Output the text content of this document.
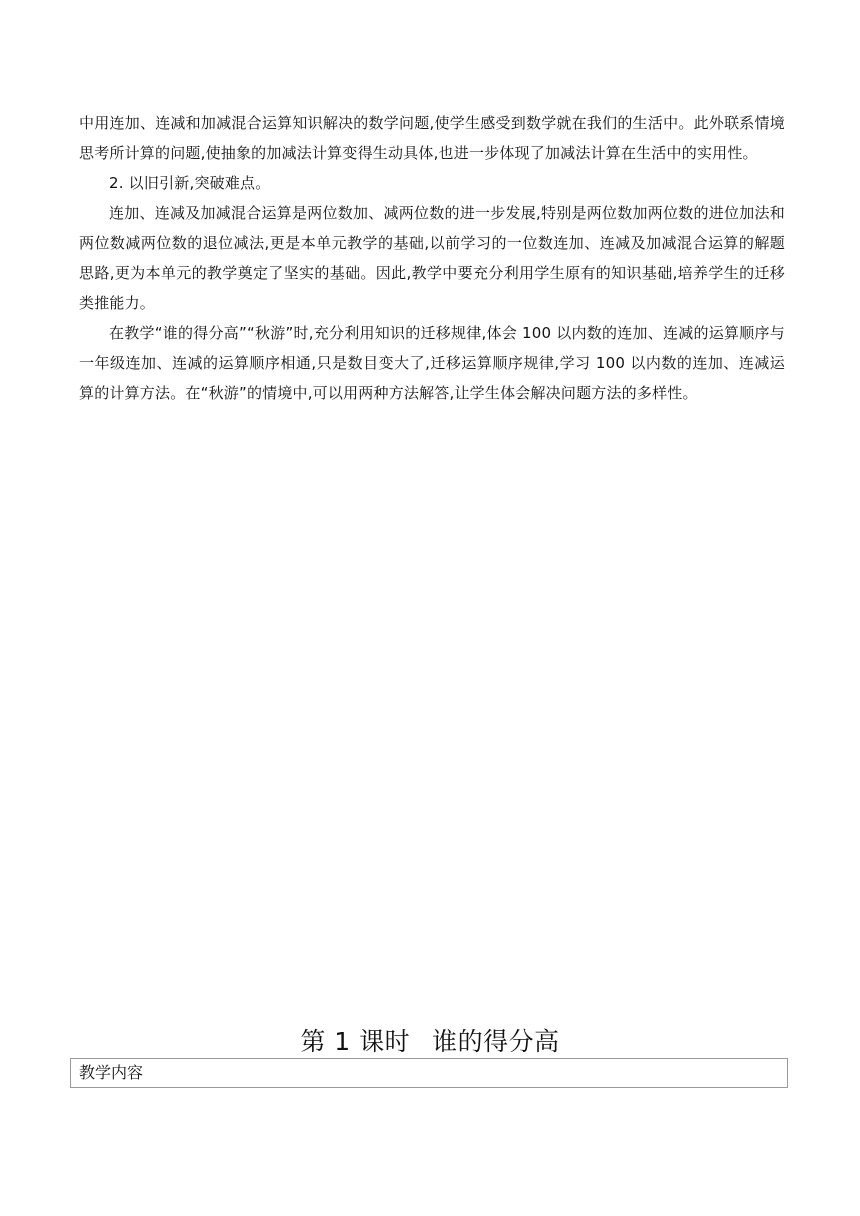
中用连加、连减和加减混合运算知识解决的数学问题,使学生感受到数学就在我们的生活中。此外联系情境思考所计算的问题,使抽象的加减法计算变得生动具体,也进一步体现了加减法计算在生活中的实用性。

2. 以旧引新,突破难点。

连加、连减及加减混合运算是两位数加、减两位数的进一步发展,特别是两位数加两位数的进位加法和两位数减两位数的退位减法,更是本单元教学的基础,以前学习的一位数连加、连减及加减混合运算的解题思路,更为本单元的教学奠定了坚实的基础。因此,教学中要充分利用学生原有的知识基础,培养学生的迁移类推能力。

在教学“谁的得分高”“秋游”时,充分利用知识的迁移规律,体会 100 以内数的连加、连减的运算顺序与一年级连加、连减的运算顺序相通,只是数目变大了,迁移运算顺序规律,学习 100 以内数的连加、连减运算的计算方法。在“秋游”的情境中,可以用两种方法解答,让学生体会解决问题方法的多样性。

第 1 课时 谁的得分高
教学内容
